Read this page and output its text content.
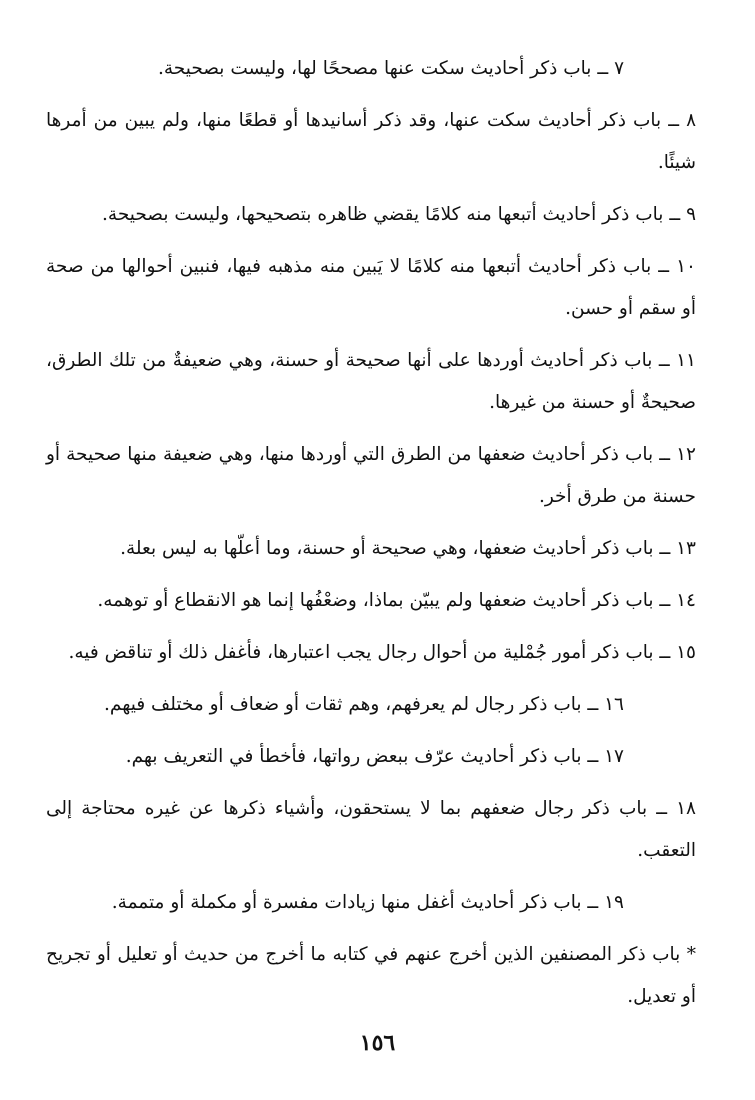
٧ ــ باب ذكر أحاديث سكت عنها مصححًا لها، وليست بصحيحة.

٨ ــ باب ذكر أحاديث سكت عنها، وقد ذكر أسانيدها أو قطعًا منها، ولم يبين من أمرها شيئًا.

٩ ــ باب ذكر أحاديث أتبعها منه كلامًا يقضي ظاهره بتصحيحها، وليست بصحيحة.

١٠ ــ باب ذكر أحاديث أتبعها منه كلامًا لا يَبين منه مذهبه فيها، فنبين أحوالها من صحة أو سقم أو حسن.

١١ ــ باب ذكر أحاديث أوردها على أنها صحيحة أو حسنة، وهي ضعيفةٌ من تلك الطرق، صحيحةٌ أو حسنة من غيرها.

١٢ ــ باب ذكر أحاديث ضعفها من الطرق التي أوردها منها، وهي ضعيفة منها صحيحة أو حسنة من طرق أخر.

١٣ ــ باب ذكر أحاديث ضعفها، وهي صحيحة أو حسنة، وما أعلّها به ليس بعلة.

١٤ ــ باب ذكر أحاديث ضعفها ولم يبيّن بماذا، وضعْفُها إنما هو الانقطاع أو توهمه.

١٥ ــ باب ذكر أمور جُمْلية من أحوال رجال يجب اعتبارها، فأغفل ذلك أو تناقض فيه.

١٦ ــ باب ذكر رجال لم يعرفهم، وهم ثقات أو ضعاف أو مختلف فيهم.

١٧ ــ باب ذكر أحاديث عرّف ببعض رواتها، فأخطأ في التعريف بهم.

١٨ ــ باب ذكر رجال ضعفهم بما لا يستحقون، وأشياء ذكرها عن غيره محتاجة إلى التعقب.

١٩ ــ باب ذكر أحاديث أغفل منها زيادات مفسرة أو مكملة أو متممة.

* باب ذكر المصنفين الذين أخرج عنهم في كتابه ما أخرج من حديث أو تعليل أو تجريح أو تعديل.

١٥٦
